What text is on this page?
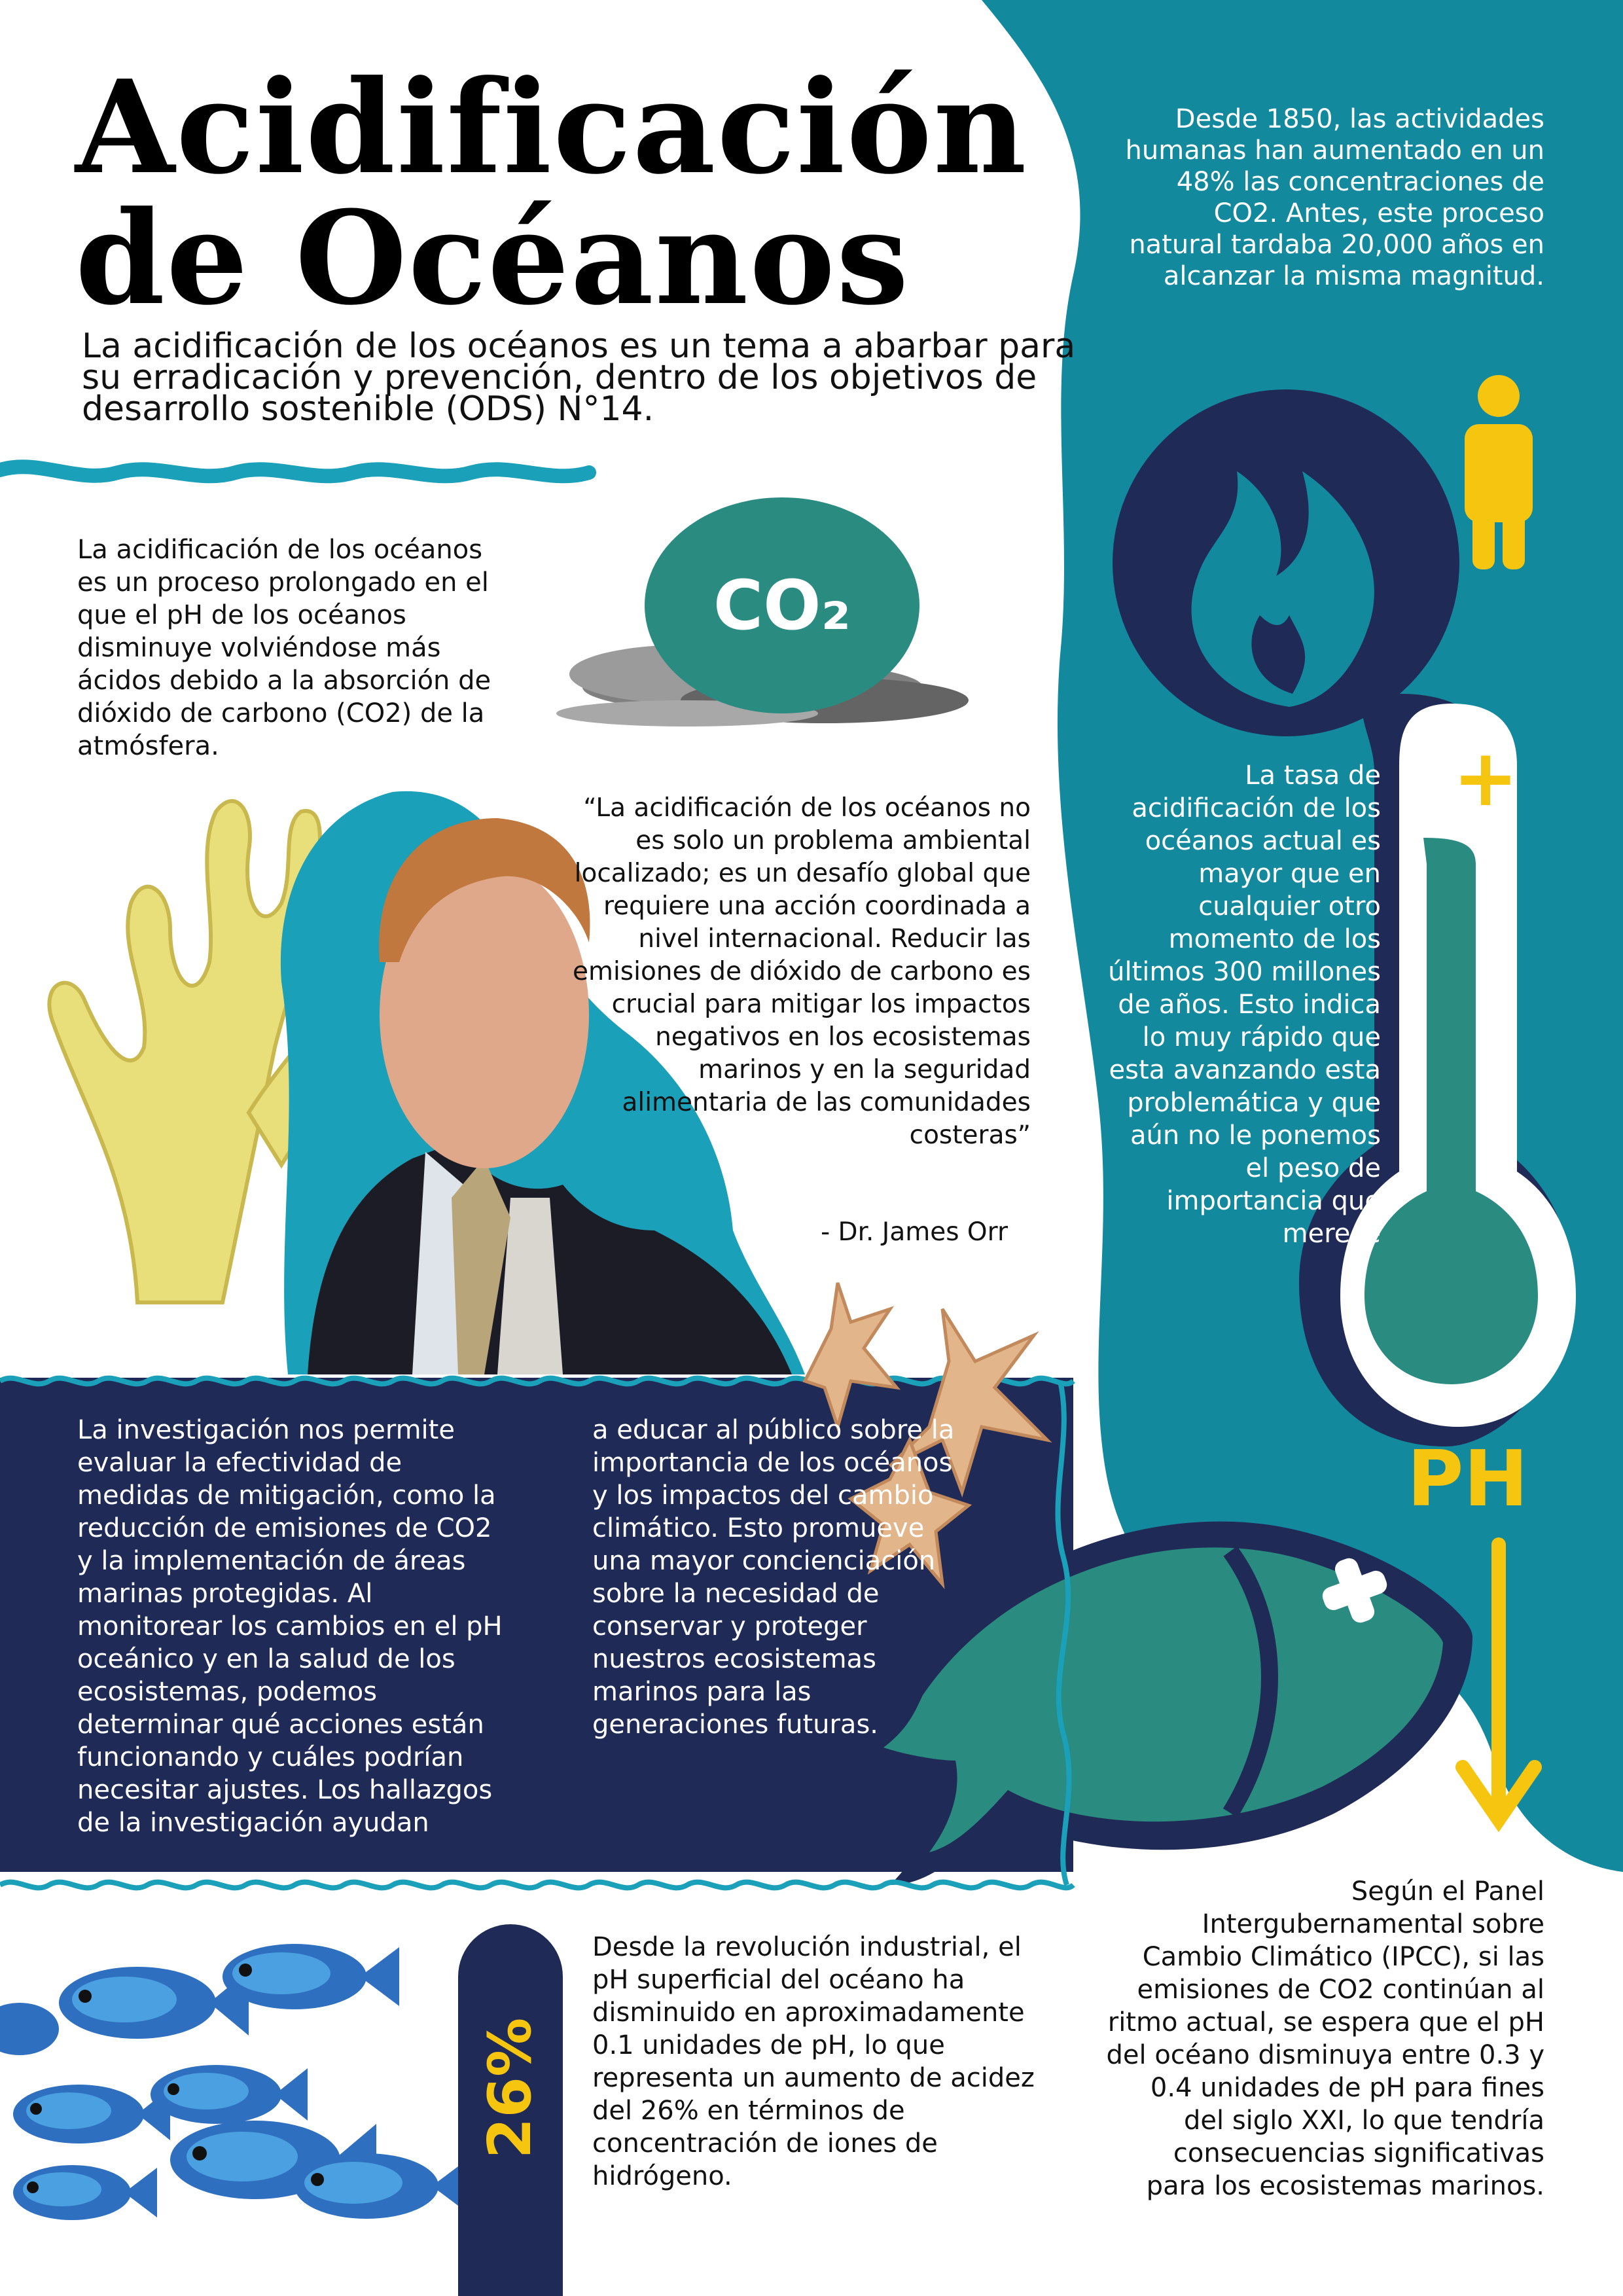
+
Acidificación
de Océanos
La acidificación de los océanos es un tema a abarbar para su erradicación y prevención, dentro de los objetivos de desarrollo sostenible (ODS) N°14.
La acidificación de los océanos es un proceso prolongado en el que el pH de los océanos disminuye volviéndose más ácidos debido a la absorción de dióxido de carbono (CO2) de la atmósfera.
CO₂
“La acidificación de los océanos no es solo un problema ambiental localizado; es un desafío global que requiere una acción coordinada a nivel internacional. Reducir las emisiones de dióxido de carbono es crucial para mitigar los impactos negativos en los ecosistemas marinos y en la seguridad alimentaria de las comunidades costeras”
- Dr. James Orr
Desde 1850, las actividades humanas han aumentado en un 48% las concentraciones de CO2. Antes, este proceso natural tardaba 20,000 años en alcanzar la misma magnitud.
La tasa de acidificación de los océanos actual es mayor que en cualquier otro momento de los últimos 300 millones de años. Esto indica lo muy rápido que esta avanzando esta problemática y que aún no le ponemos el peso de importancia que merece
PH
La investigación nos permite evaluar la efectividad de medidas de mitigación, como la reducción de emisiones de CO2 y la implementación de áreas marinas protegidas. Al monitorear los cambios en el pH oceánico y en la salud de los ecosistemas, podemos determinar qué acciones están funcionando y cuáles podrían necesitar ajustes. Los hallazgos de la investigación ayudan
a educar al público sobre la importancia de los océanos y los impactos del cambio climático. Esto promueve una mayor concienciación sobre la necesidad de conservar y proteger nuestros ecosistemas marinos para las generaciones futuras.
26%
Desde la revolución industrial, el pH superficial del océano ha disminuido en aproximadamente 0.1 unidades de pH, lo que representa un aumento de acidez del 26% en términos de concentración de iones de hidrógeno.
Según el Panel Intergubernamental sobre Cambio Climático (IPCC), si las emisiones de CO2 continúan al ritmo actual, se espera que el pH del océano disminuya entre 0.3 y 0.4 unidades de pH para fines del siglo XXI, lo que tendría consecuencias significativas para los ecosistemas marinos.
